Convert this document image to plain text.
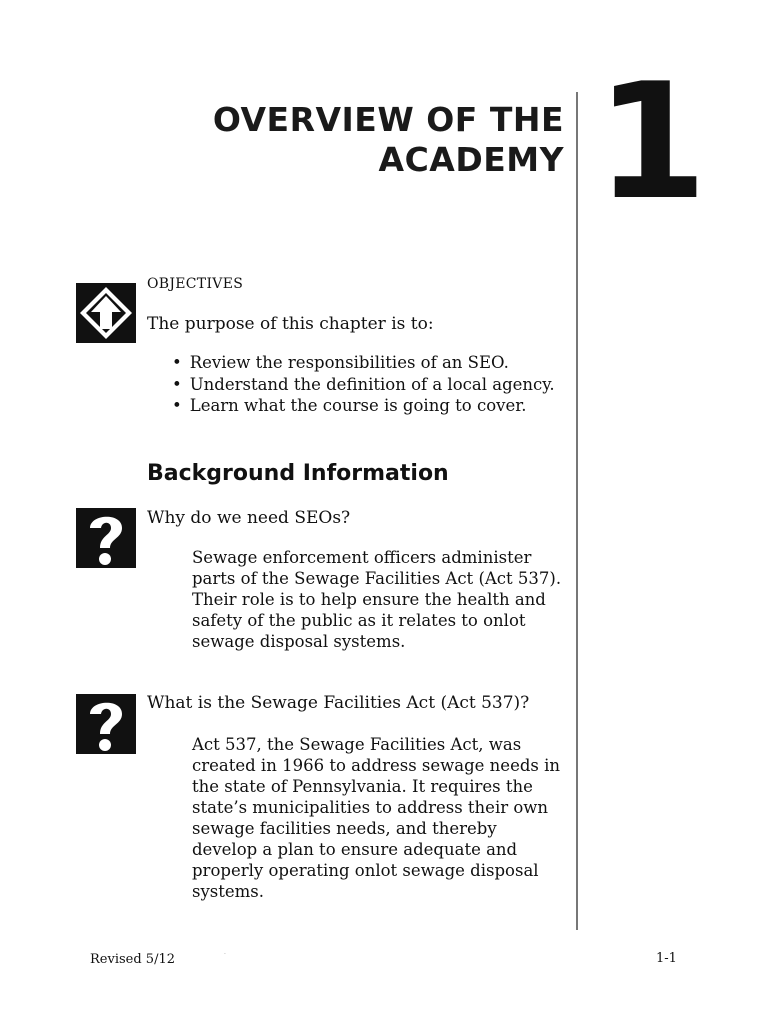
OVERVIEW OF THE
ACADEMY 1
OBJECTIVES
The purpose of this chapter is to:
• Review the responsibilities of an SEO.
• Understand the definition of a local agency.
• Learn what the course is going to cover.
Background Information
Why do we need SEOs?
Sewage enforcement officers administer parts of the Sewage Facilities Act (Act 537). Their role is to help ensure the health and safety of the public as it relates to onlot sewage disposal systems.
What is the Sewage Facilities Act (Act 537)?
Act 537, the Sewage Facilities Act, was created in 1966 to address sewage needs in the state of Pennsylvania. It requires the state’s municipalities to address their own sewage facilities needs, and thereby develop a plan to ensure adequate and properly operating onlot sewage disposal systems.
Revised 5/12	·	1-1
